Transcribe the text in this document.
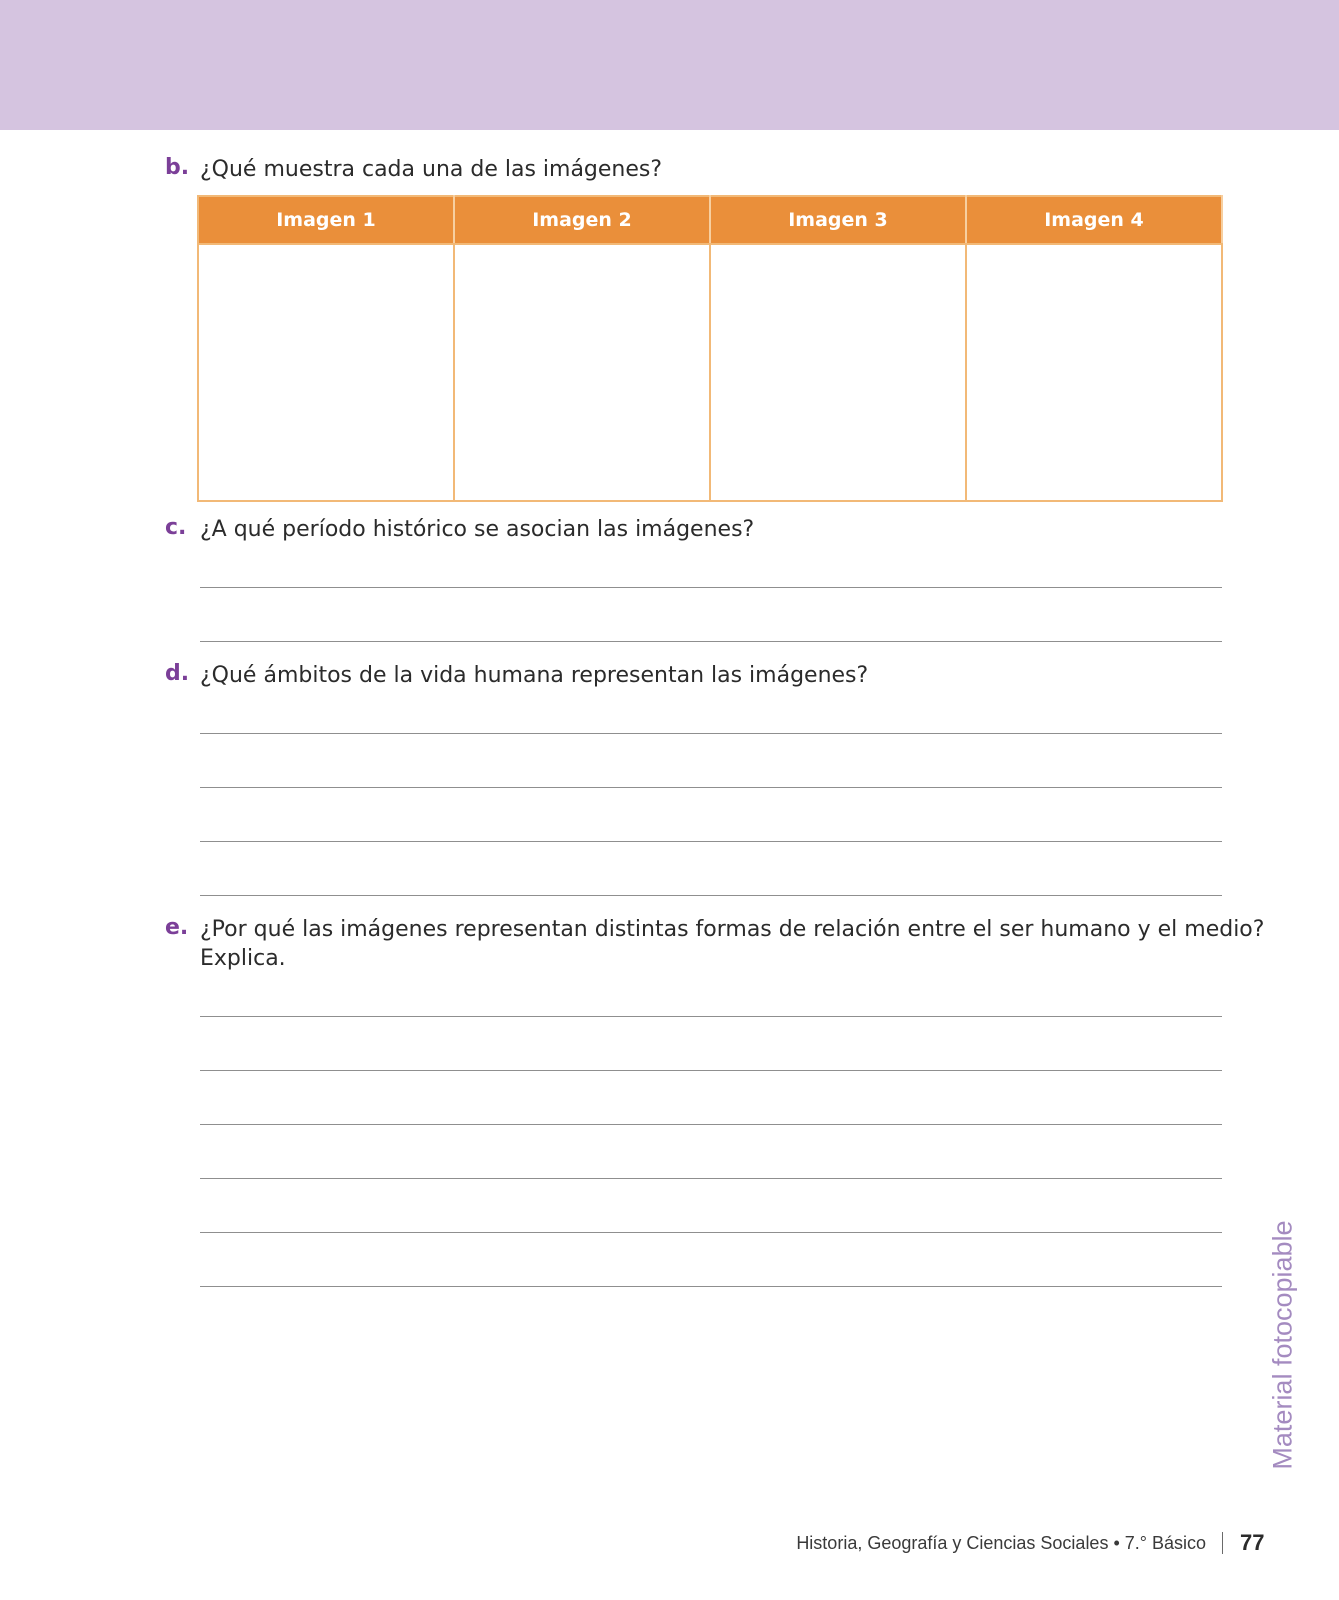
b. ¿Qué muestra cada una de las imágenes?
Imagen 1	Imagen 2	Imagen 3	Imagen 4

c. ¿A qué período histórico se asocian las imágenes?
d. ¿Qué ámbitos de la vida humana representan las imágenes?
e. ¿Por qué las imágenes representan distintas formas de relación entre el ser humano y el medio?
Explica.
Material fotocopiable
Historia, Geografía y Ciencias Sociales • 7.° Básico 77
